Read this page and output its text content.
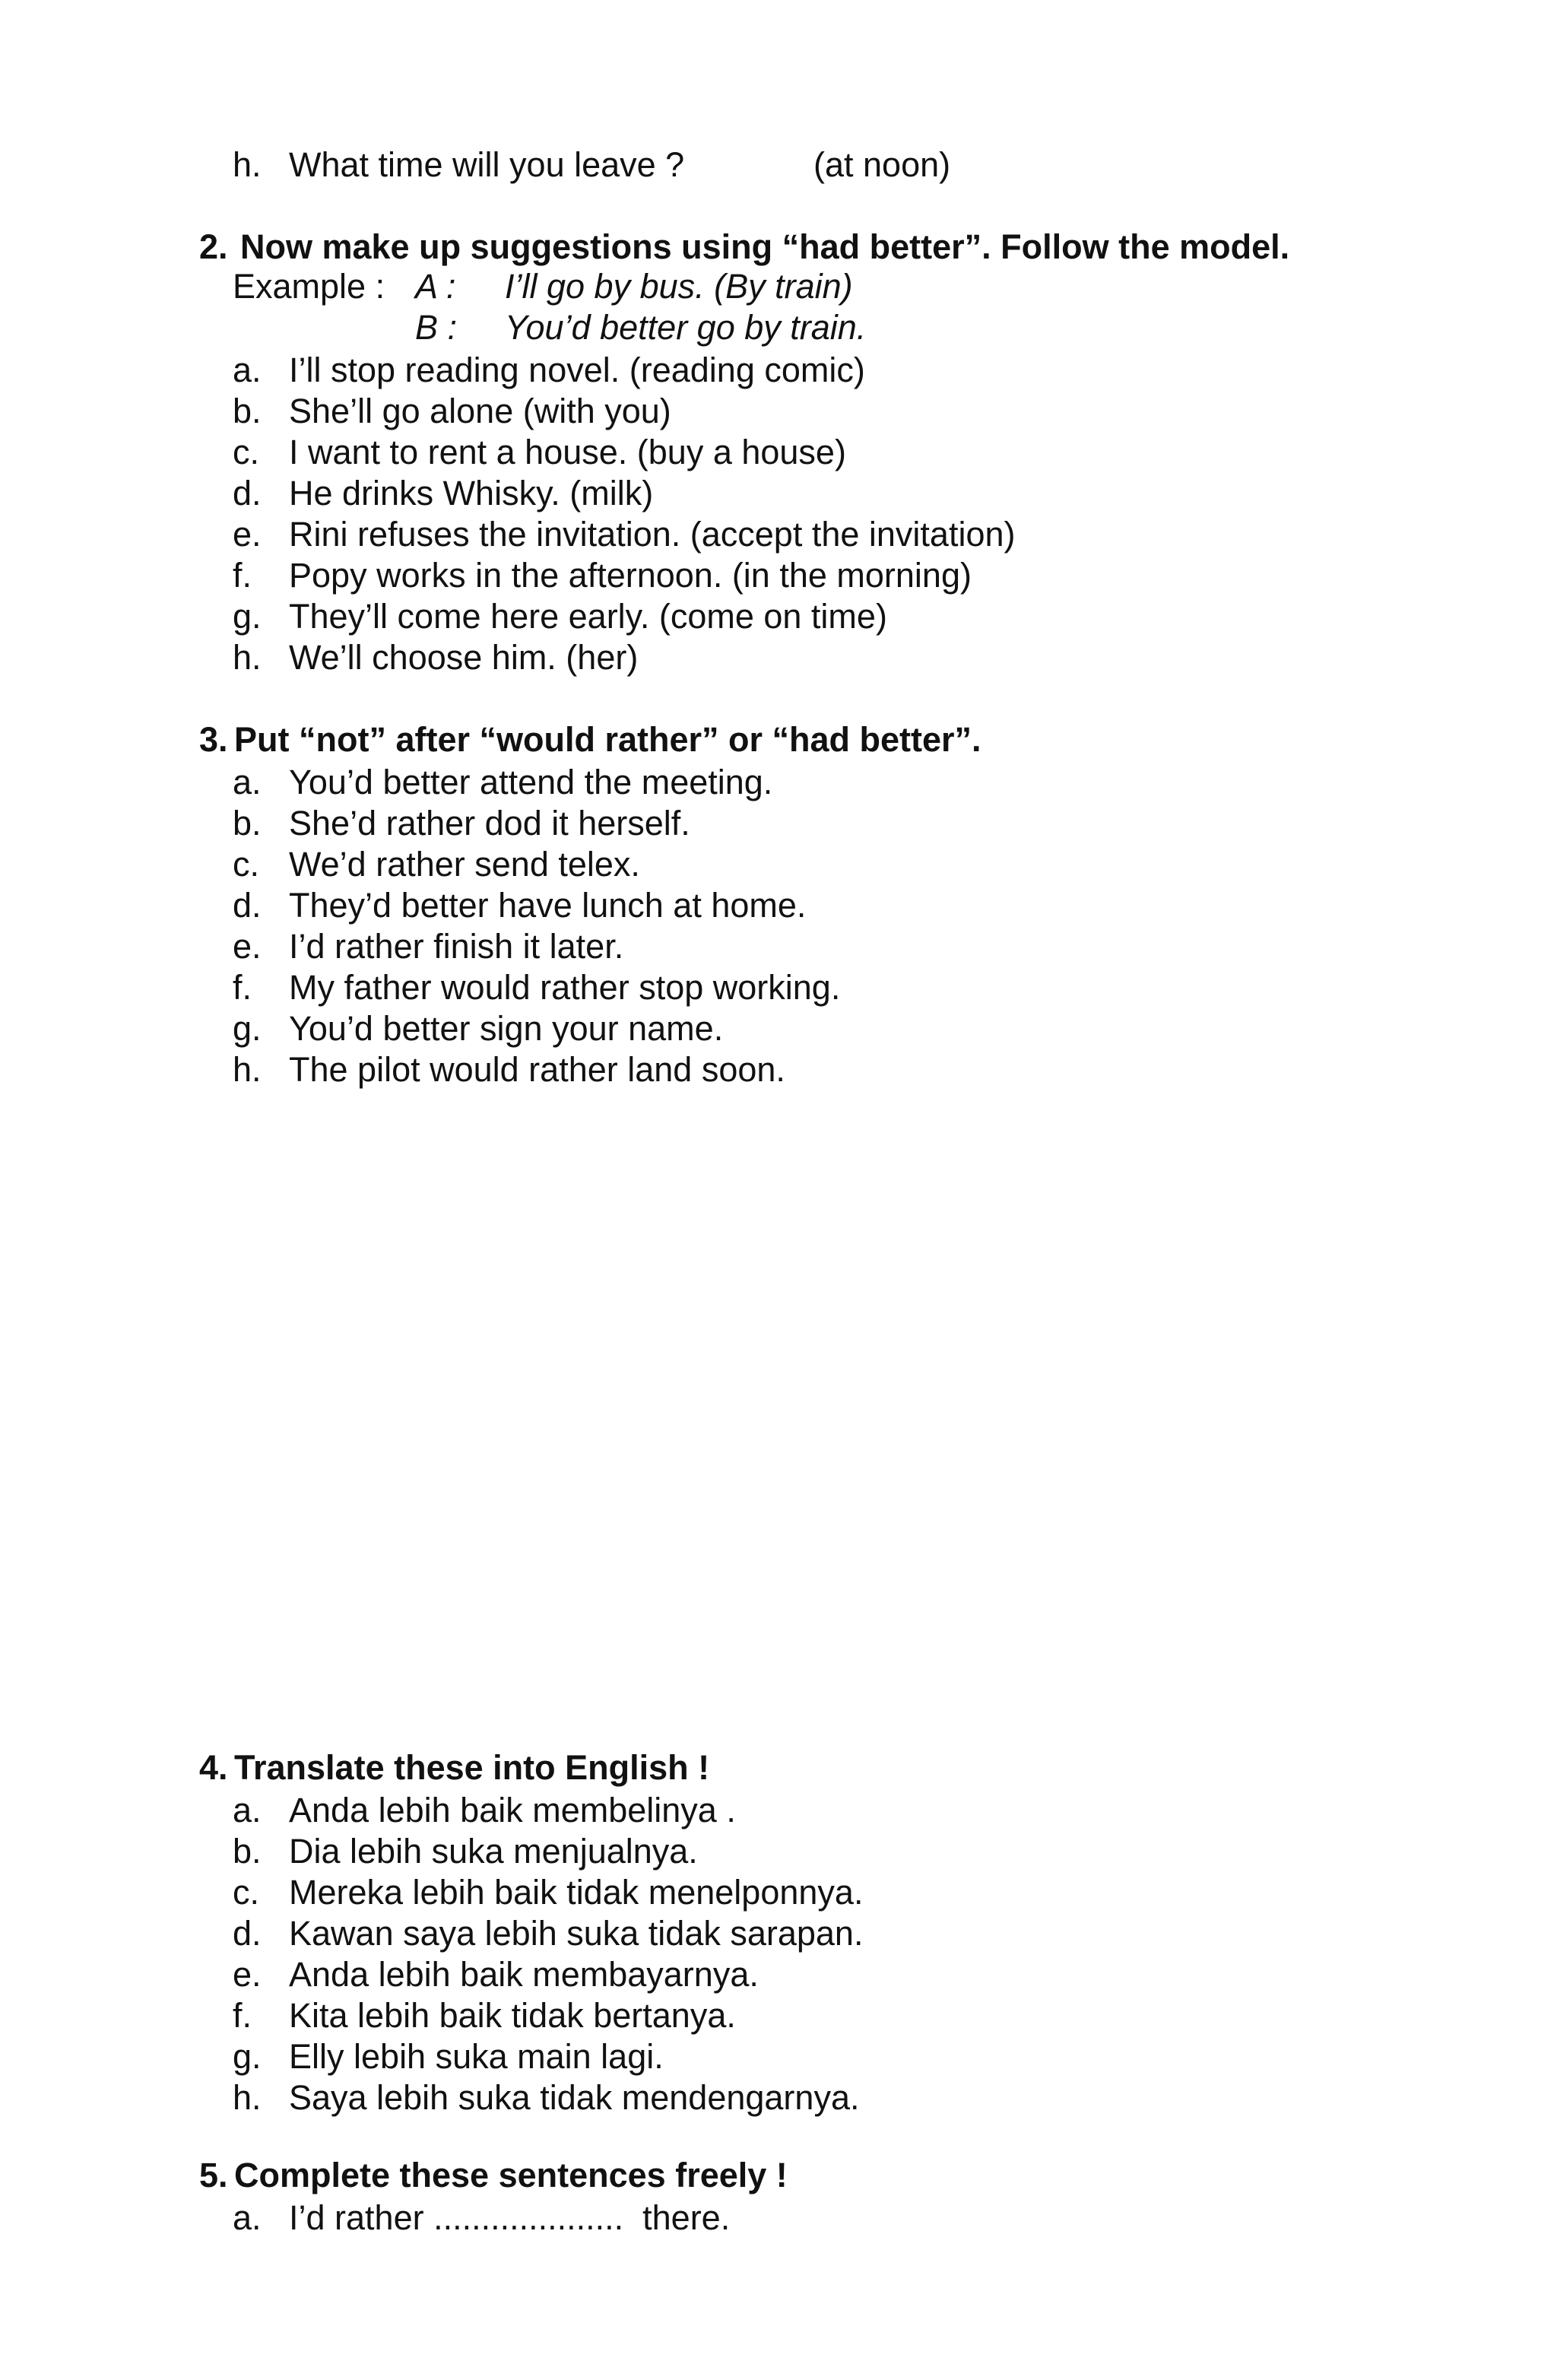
h. What time will you leave ?	(at noon)
2. Now make up suggestions using “had better”. Follow the model.
Example : A : I’ll go by bus. (By train)
B : You’d better go by train.
a. I’ll stop reading novel. (reading comic)
b. She’ll go alone (with you)
c. I want to rent a house. (buy a house)
d. He drinks Whisky. (milk)
e. Rini refuses the invitation. (accept the invitation)
f. Popy works in the afternoon. (in the morning)
g. They’ll come here early. (come on time)
h. We’ll choose him. (her)
3. Put “not” after “would rather” or “had better”.
a. You’d better attend the meeting.
b. She’d rather dod it herself.
c. We’d rather send telex.
d. They’d better have lunch at home.
e. I’d rather finish it later.
f. My father would rather stop working.
g. You’d better sign your name.
h. The pilot would rather land soon.
4. Translate these into English !
a. Anda lebih baik membelinya .
b. Dia lebih suka menjualnya.
c. Mereka lebih baik tidak menelponnya.
d. Kawan saya lebih suka tidak sarapan.
e. Anda lebih baik membayarnya.
f. Kita lebih baik tidak bertanya.
g. Elly lebih suka main lagi.
h. Saya lebih suka tidak mendengarnya.
5. Complete these sentences freely !
a. I’d rather ....................  there.
